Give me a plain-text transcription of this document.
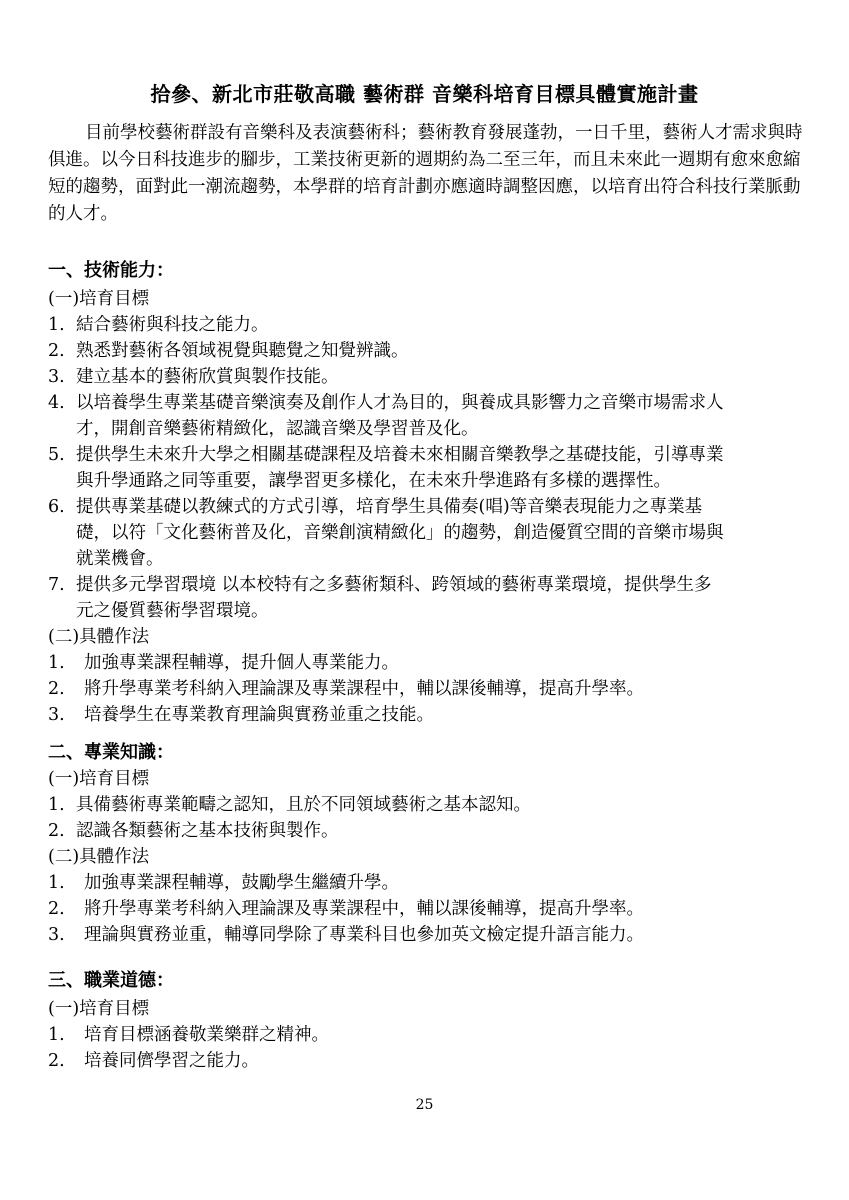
拾參、新北市莊敬高職 藝術群 音樂科培育目標具體實施計畫
目前學校藝術群設有音樂科及表演藝術科；藝術教育發展蓬勃，一日千里，藝術人才需求與時俱進。以今日科技進步的腳步，工業技術更新的週期約為二至三年，而且未來此一週期有愈來愈縮短的趨勢，面對此一潮流趨勢，本學群的培育計劃亦應適時調整因應，以培育出符合科技行業脈動的人才。
一、技術能力：
(一)培育目標
1. 結合藝術與科技之能力。
2. 熟悉對藝術各領域視覺與聽覺之知覺辨識。
3. 建立基本的藝術欣賞與製作技能。
4. 以培養學生專業基礎音樂演奏及創作人才為目的，與養成具影響力之音樂市場需求人
才，開創音樂藝術精緻化，認識音樂及學習普及化。
5. 提供學生未來升大學之相關基礎課程及培養未來相關音樂教學之基礎技能，引導專業
與升學通路之同等重要，讓學習更多樣化，在未來升學進路有多樣的選擇性。
6. 提供專業基礎以教練式的方式引導，培育學生具備奏(唱)等音樂表現能力之專業基
礎，以符「文化藝術普及化，音樂創演精緻化」的趨勢，創造優質空間的音樂市場與
就業機會。
7. 提供多元學習環境 以本校特有之多藝術類科、跨領域的藝術專業環境，提供學生多
元之優質藝術學習環境。
(二)具體作法
1. 加強專業課程輔導，提升個人專業能力。
2. 將升學專業考科納入理論課及專業課程中，輔以課後輔導，提高升學率。
3. 培養學生在專業教育理論與實務並重之技能。
二、專業知識：
(一)培育目標
1. 具備藝術專業範疇之認知，且於不同領域藝術之基本認知。
2. 認識各類藝術之基本技術與製作。
(二)具體作法
1. 加強專業課程輔導，鼓勵學生繼續升學。
2. 將升學專業考科納入理論課及專業課程中，輔以課後輔導，提高升學率。
3. 理論與實務並重，輔導同學除了專業科目也參加英文檢定提升語言能力。
三、職業道德：
(一)培育目標
1. 培育目標涵養敬業樂群之精神。
2. 培養同儕學習之能力。
25
